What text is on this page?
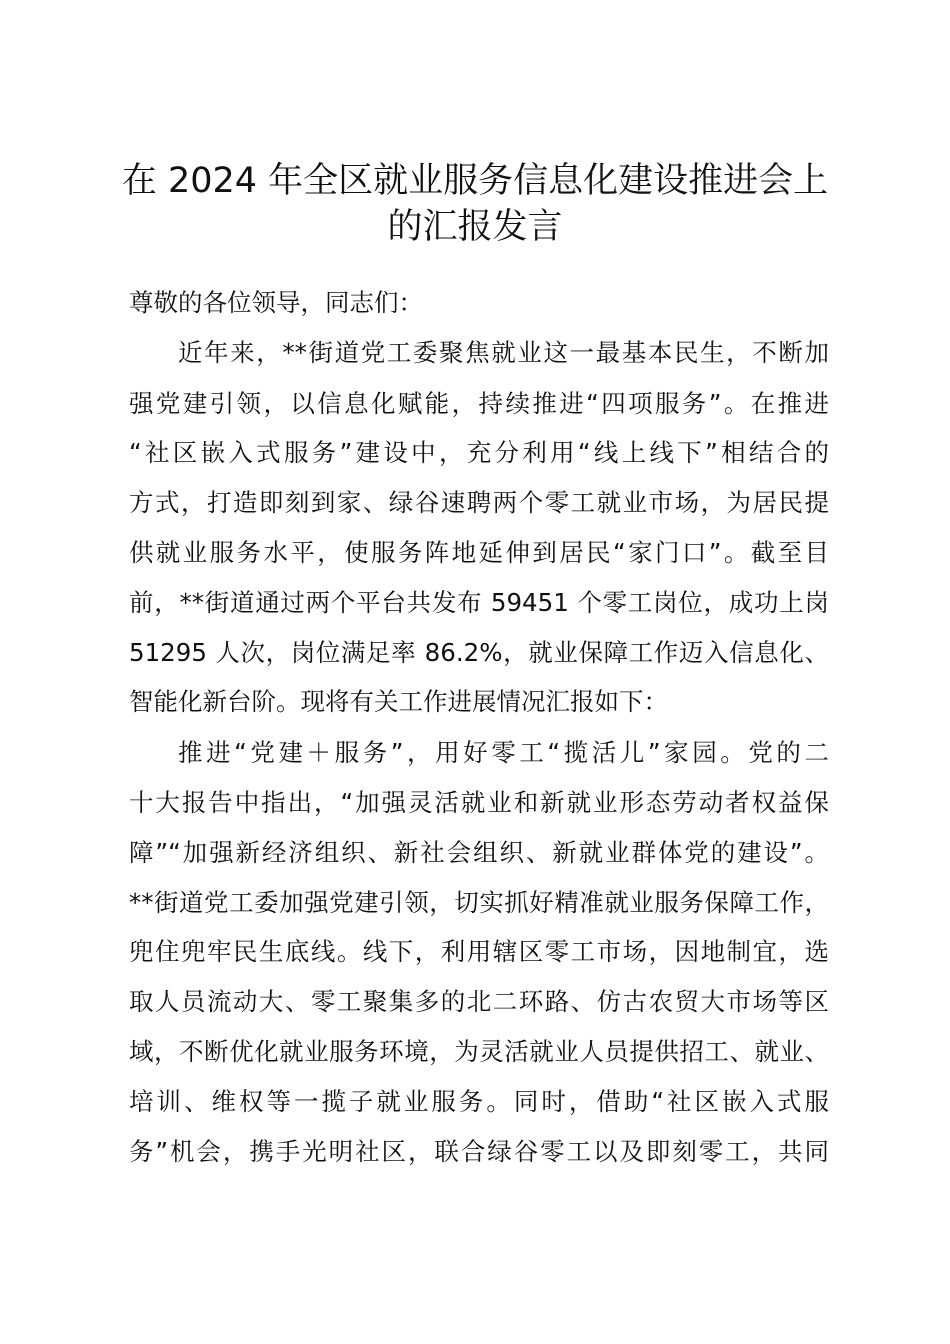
在 2024 年全区就业服务信息化建设推进会上
的汇报发言
尊敬的各位领导，同志们：
近年来，**街道党工委聚焦就业这一最基本民生，不断加
强党建引领，以信息化赋能，持续推进“四项服务”。在推进
“社区嵌入式服务”建设中，充分利用“线上线下”相结合的
方式，打造即刻到家、绿谷速聘两个零工就业市场，为居民提
供就业服务水平，使服务阵地延伸到居民“家门口”。截至目
前，**街道通过两个平台共发布 59451 个零工岗位，成功上岗
51295 人次，岗位满足率 86.2%，就业保障工作迈入信息化、
智能化新台阶。现将有关工作进展情况汇报如下：
推进“党建＋服务”，用好零工“揽活儿”家园。党的二
十大报告中指出，“加强灵活就业和新就业形态劳动者权益保
障”“加强新经济组织、新社会组织、新就业群体党的建设”。
**街道党工委加强党建引领，切实抓好精准就业服务保障工作，
兜住兜牢民生底线。线下，利用辖区零工市场，因地制宜，选
取人员流动大、零工聚集多的北二环路、仿古农贸大市场等区
域，不断优化就业服务环境，为灵活就业人员提供招工、就业、
培训、维权等一揽子就业服务。同时，借助“社区嵌入式服
务”机会，携手光明社区，联合绿谷零工以及即刻零工，共同
